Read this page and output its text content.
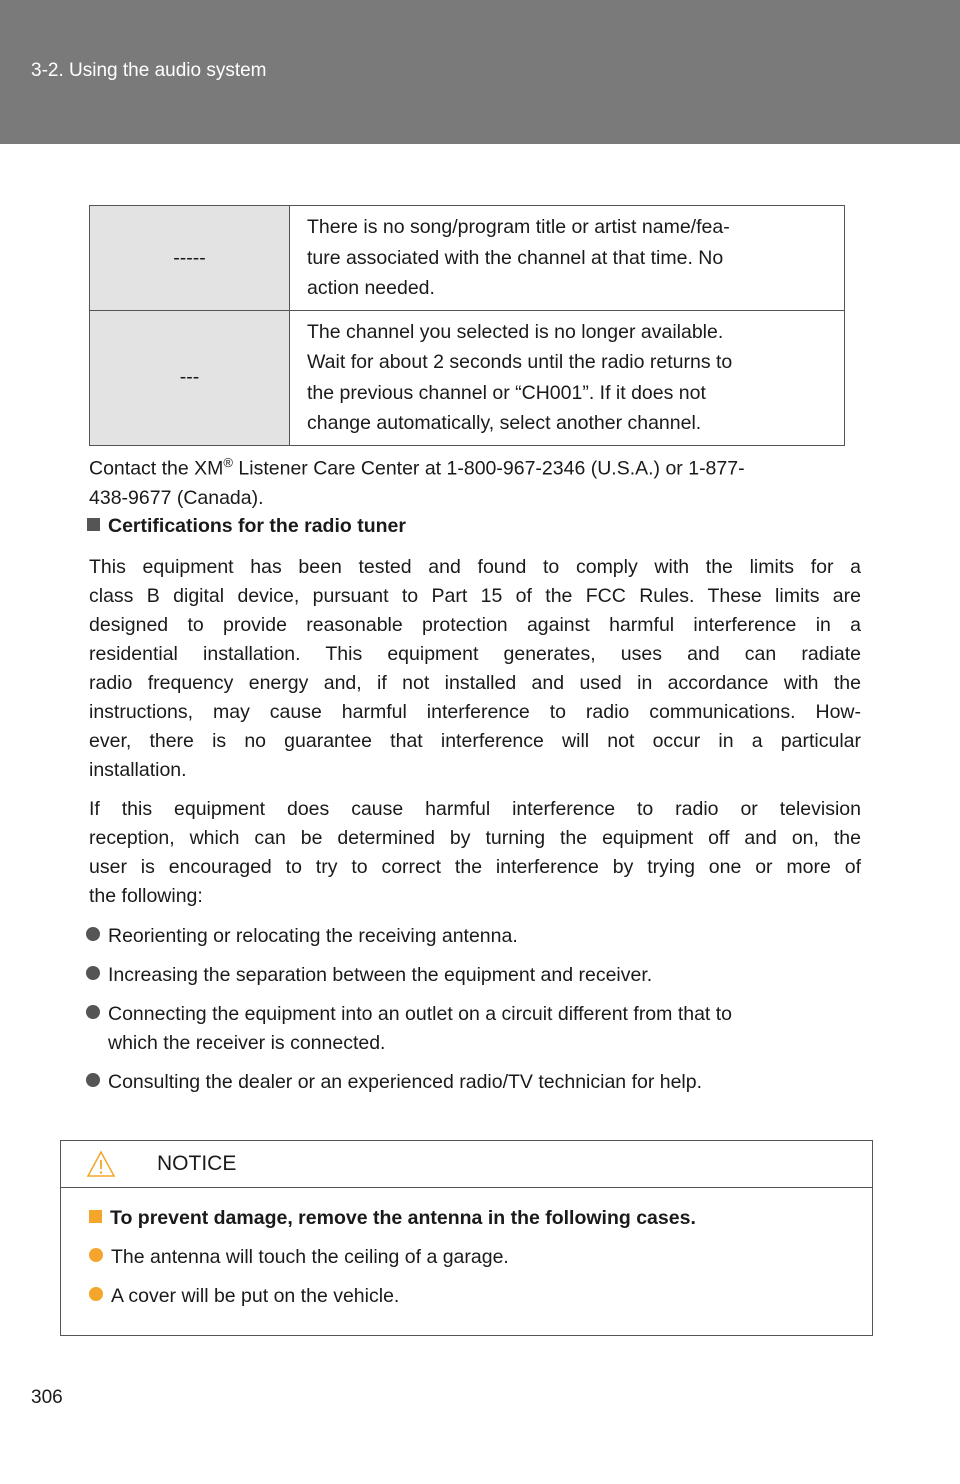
3-2. Using the audio system
-----	There is no song/program title or artist name/fea-
ture associated with the channel at that time. No
action needed.

---	The channel you selected is no longer available.
Wait for about 2 seconds until the radio returns to
the previous channel or “CH001”. If it does not
change automatically, select another channel.
Contact the XM® Listener Care Center at 1-800-967-2346 (U.S.A.) or 1-877-
438-9677 (Canada).
Certifications for the radio tuner
This equipment has been tested and found to comply with the limits for a
class B digital device, pursuant to Part 15 of the FCC Rules. These limits are
designed to provide reasonable protection against harmful interference in a
residential installation. This equipment generates, uses and can radiate
radio frequency energy and, if not installed and used in accordance with the
instructions, may cause harmful interference to radio communications. How-
ever, there is no guarantee that interference will not occur in a particular
installation.
If this equipment does cause harmful interference to radio or television
reception, which can be determined by turning the equipment off and on, the
user is encouraged to try to correct the interference by trying one or more of
the following:
Reorienting or relocating the receiving antenna.
Increasing the separation between the equipment and receiver.
Connecting the equipment into an outlet on a circuit different from that to
which the receiver is connected.
Consulting the dealer or an experienced radio/TV technician for help.
NOTICE
To prevent damage, remove the antenna in the following cases.
The antenna will touch the ceiling of a garage.
A cover will be put on the vehicle.
306
